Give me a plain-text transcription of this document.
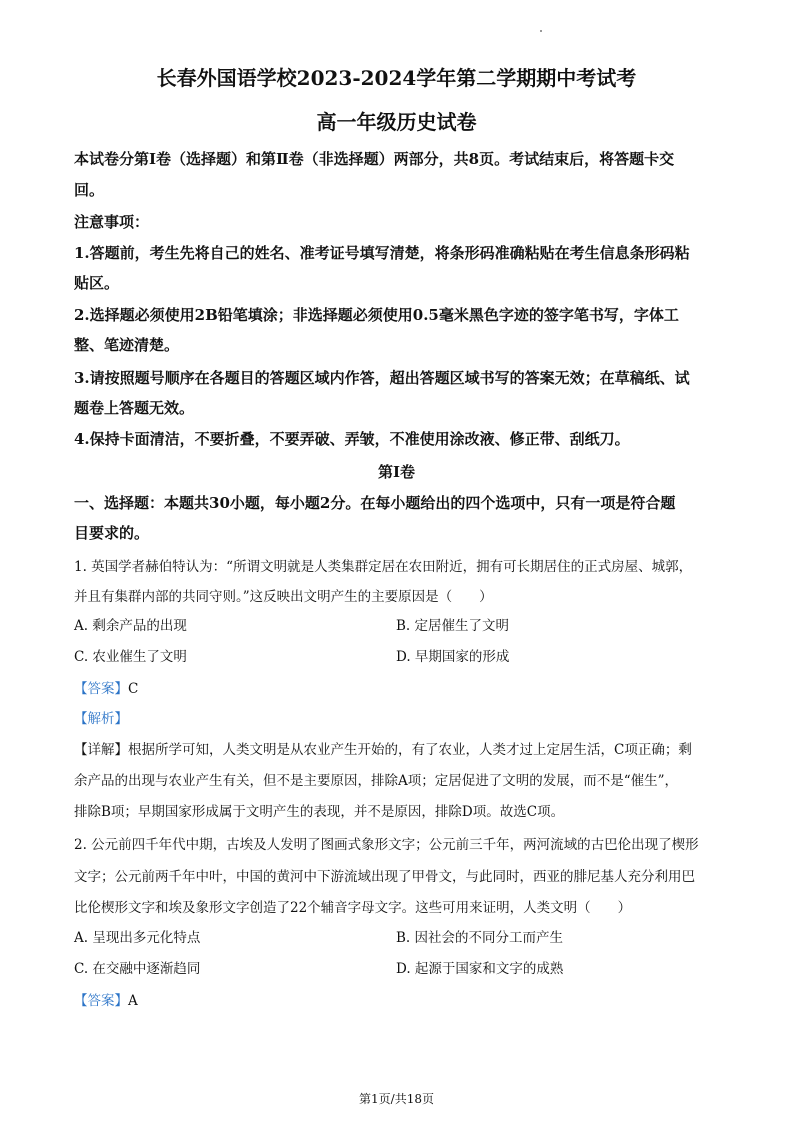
长春外国语学校2023-2024学年第二学期期中考试考
高一年级历史试卷
本试卷分第Ⅰ卷（选择题）和第Ⅱ卷（非选择题）两部分，共8页。考试结束后，将答题卡交
回。
注意事项：
1.答题前，考生先将自己的姓名、准考证号填写清楚，将条形码准确粘贴在考生信息条形码粘
贴区。
2.选择题必须使用2B铅笔填涂；非选择题必须使用0.5毫米黑色字迹的签字笔书写，字体工
整、笔迹清楚。
3.请按照题号顺序在各题目的答题区域内作答，超出答题区域书写的答案无效；在草稿纸、试
题卷上答题无效。
4.保持卡面清洁，不要折叠，不要弄破、弄皱，不准使用涂改液、修正带、刮纸刀。
第Ⅰ卷
一、选择题：本题共30小题，每小题2分。在每小题给出的四个选项中，只有一项是符合题
目要求的。
1. 英国学者赫伯特认为：“所谓文明就是人类集群定居在农田附近，拥有可长期居住的正式房屋、城郭，
并且有集群内部的共同守则。”这反映出文明产生的主要原因是（　　）
A. 剩余产品的出现	B. 定居催生了文明
C. 农业催生了文明	D. 早期国家的形成
【答案】C
【解析】
【详解】根据所学可知，人类文明是从农业产生开始的，有了农业，人类才过上定居生活，C项正确；剩
余产品的出现与农业产生有关，但不是主要原因，排除A项；定居促进了文明的发展，而不是“催生”，
排除B项；早期国家形成属于文明产生的表现，并不是原因，排除D项。故选C项。
2. 公元前四千年代中期，古埃及人发明了图画式象形文字；公元前三千年，两河流域的古巴伦出现了楔形
文字；公元前两千年中叶，中国的黄河中下游流域出现了甲骨文，与此同时，西亚的腓尼基人充分利用巴
比伦楔形文字和埃及象形文字创造了22个辅音字母文字。这些可用来证明，人类文明（　　）
A. 呈现出多元化特点	B. 因社会的不同分工而产生
C. 在交融中逐渐趋同	D. 起源于国家和文字的成熟
【答案】A
第1页/共18页
